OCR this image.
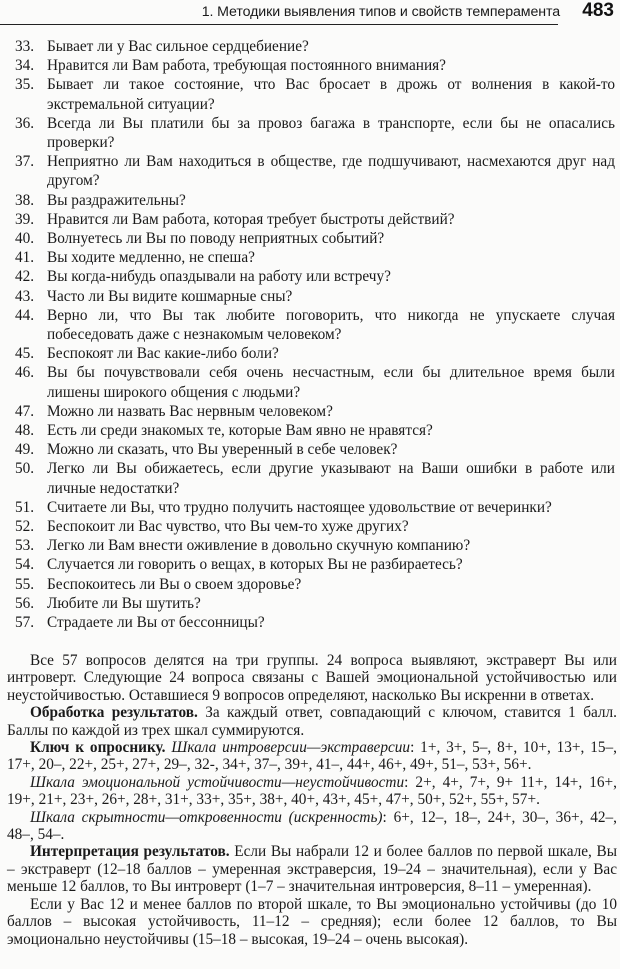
1. Методики выявления типов и свойств темперамента 483
33. Бывает ли у Вас сильное сердцебиение?
34. Нравится ли Вам работа, требующая постоянного внимания?
35. Бывает ли такое состояние, что Вас бросает в дрожь от волнения в какой-то экстремальной ситуации?
36. Всегда ли Вы платили бы за провоз багажа в транспорте, если бы не опасались проверки?
37. Неприятно ли Вам находиться в обществе, где подшучивают, насмехаются друг над другом?
38. Вы раздражительны?
39. Нравится ли Вам работа, которая требует быстроты действий?
40. Волнуетесь ли Вы по поводу неприятных событий?
41. Вы ходите медленно, не спеша?
42. Вы когда-нибудь опаздывали на работу или встречу?
43. Часто ли Вы видите кошмарные сны?
44. Верно ли, что Вы так любите поговорить, что никогда не упускаете случая побеседовать даже с незнакомым человеком?
45. Беспокоят ли Вас какие-либо боли?
46. Вы бы почувствовали себя очень несчастным, если бы длительное время были лишены широкого общения с людьми?
47. Можно ли назвать Вас нервным человеком?
48. Есть ли среди знакомых те, которые Вам явно не нравятся?
49. Можно ли сказать, что Вы уверенный в себе человек?
50. Легко ли Вы обижаетесь, если другие указывают на Ваши ошибки в работе или личные недостатки?
51. Считаете ли Вы, что трудно получить настоящее удовольствие от вечеринки?
52. Беспокоит ли Вас чувство, что Вы чем-то хуже других?
53. Легко ли Вам внести оживление в довольно скучную компанию?
54. Случается ли говорить о вещах, в которых Вы не разбираетесь?
55. Беспокоитесь ли Вы о своем здоровье?
56. Любите ли Вы шутить?
57. Страдаете ли Вы от бессонницы?

Все 57 вопросов делятся на три группы. 24 вопроса выявляют, экстраверт Вы или интроверт. Следующие 24 вопроса связаны с Вашей эмоциональной устойчивостью или неустойчивостью. Оставшиеся 9 вопросов определяют, насколько Вы искренни в ответах.

Обработка результатов. За каждый ответ, совпадающий с ключом, ставится 1 балл. Баллы по каждой из трех шкал суммируются.

Ключ к опроснику. Шкала интроверсии—экстраверсии: 1+, 3+, 5–, 8+, 10+, 13+, 15–, 17+, 20–, 22+, 25+, 27+, 29–, 32-, 34+, 37–, 39+, 41–, 44+, 46+, 49+, 51–, 53+, 56+.

Шкала эмоциональной устойчивости—неустойчивости: 2+, 4+, 7+, 9+ 11+, 14+, 16+, 19+, 21+, 23+, 26+, 28+, 31+, 33+, 35+, 38+, 40+, 43+, 45+, 47+, 50+, 52+, 55+, 57+.

Шкала скрытности—откровенности (искренность): 6+, 12–, 18–, 24+, 30–, 36+, 42–, 48–, 54–.

Интерпретация результатов. Если Вы набрали 12 и более баллов по первой шкале, Вы – экстраверт (12–18 баллов – умеренная экстраверсия, 19–24 – значительная), если у Вас меньше 12 баллов, то Вы интроверт (1–7 – значительная интроверсия, 8–11 – умеренная).

Если у Вас 12 и менее баллов по второй шкале, то Вы эмоционально устойчивы (до 10 баллов – высокая устойчивость, 11–12 – средняя); если более 12 баллов, то Вы эмоционально неустойчивы (15–18 – высокая, 19–24 – очень высокая).
